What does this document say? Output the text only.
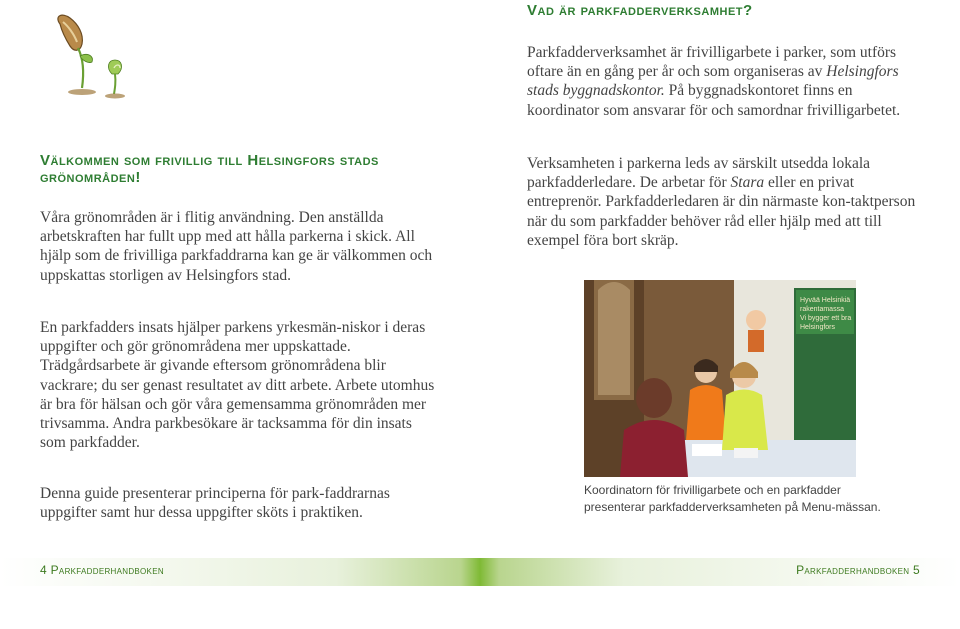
Välkommen som frivillig till Helsingfors stads grönområden!

Våra grönområden är i flitig användning. Den anställda arbetskraften har fullt upp med att hålla parkerna i skick. All hjälp som de frivilliga parkfaddrarna kan ge är välkommen och uppskattas storligen av Helsingfors stad.

En parkfadders insats hjälper parkens yrkesmän-niskor i deras uppgifter och gör grönområdena mer uppskattade. Trädgårdsarbete är givande eftersom grönområdena blir vackrare; du ser genast resultatet av ditt arbete. Arbete utomhus är bra för hälsan och gör våra gemensamma grönområden mer trivsamma. Andra parkbesökare är tacksamma för din insats som parkfadder.

Denna guide presenterar principerna för park-faddrarnas uppgifter samt hur dessa uppgifter sköts i praktiken.

Vad är parkfadderverksamhet?

Parkfadderverksamhet är frivilligarbete i parker, som utförs oftare än en gång per år och som organiseras av Helsingfors stads byggnadskontor. På byggnadskontoret finns en koordinator som ansvarar för och samordnar frivilligarbetet.

Verksamheten i parkerna leds av särskilt utsedda lokala parkfadderledare. De arbetar för Stara eller en privat entreprenör. Parkfadderledaren är din närmaste kon-taktperson när du som parkfadder behöver råd eller hjälp med att till exempel föra bort skräp.

Hyvää Helsinkiä
rakentamassa
Vi bygger ett bra
Helsingfors

Koordinatorn för frivilligarbete och en parkfadder presenterar parkfadderverksamheten på Menu-mässan.

4 Parkfadderhandboken	Parkfadderhandboken 5
